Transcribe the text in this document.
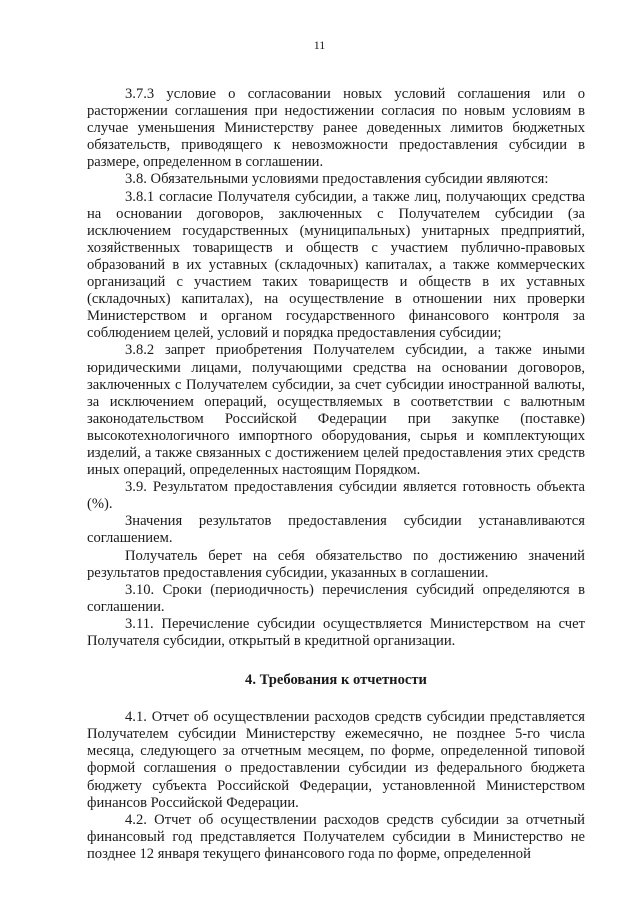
11

3.7.3 условие о согласовании новых условий соглашения или о расторжении соглашения при недостижении согласия по новым условиям в случае уменьшения Министерству ранее доведенных лимитов бюджетных обязательств, приводящего к невозможности предоставления субсидии в размере, определенном в соглашении.

3.8. Обязательными условиями предоставления субсидии являются:

3.8.1 согласие Получателя субсидии, а также лиц, получающих средства на основании договоров, заключенных с Получателем субсидии (за исключением государственных (муниципальных) унитарных предприятий, хозяйственных товариществ и обществ с участием публично-правовых образований в их уставных (складочных) капиталах, а также коммерческих организаций с участием таких товариществ и обществ в их уставных (складочных) капиталах), на осуществление в отношении них проверки Министерством и органом государственного финансового контроля за соблюдением целей, условий и порядка предоставления субсидии;

3.8.2 запрет приобретения Получателем субсидии, а также иными юридическими лицами, получающими средства на основании договоров, заключенных с Получателем субсидии, за счет субсидии иностранной валюты, за исключением операций, осуществляемых в соответствии с валютным законодательством Российской Федерации при закупке (поставке) высокотехнологичного импортного оборудования, сырья и комплектующих изделий, а также связанных с достижением целей предоставления этих средств иных операций, определенных настоящим Порядком.

3.9. Результатом предоставления субсидии является готовность объекта (%).

Значения результатов предоставления субсидии устанавливаются соглашением.

Получатель берет на себя обязательство по достижению значений результатов предоставления субсидии, указанных в соглашении.

3.10. Сроки (периодичность) перечисления субсидий определяются в соглашении.

3.11. Перечисление субсидии осуществляется Министерством на счет Получателя субсидии, открытый в кредитной организации.

4. Требования к отчетности

4.1. Отчет об осуществлении расходов средств субсидии представляется Получателем субсидии Министерству ежемесячно, не позднее 5-го числа месяца, следующего за отчетным месяцем, по форме, определенной типовой формой соглашения о предоставлении субсидии из федерального бюджета бюджету субъекта Российской Федерации, установленной Министерством финансов Российской Федерации.

4.2. Отчет об осуществлении расходов средств субсидии за отчетный финансовый год представляется Получателем субсидии в Министерство не позднее 12 января текущего финансового года по форме, определенной
